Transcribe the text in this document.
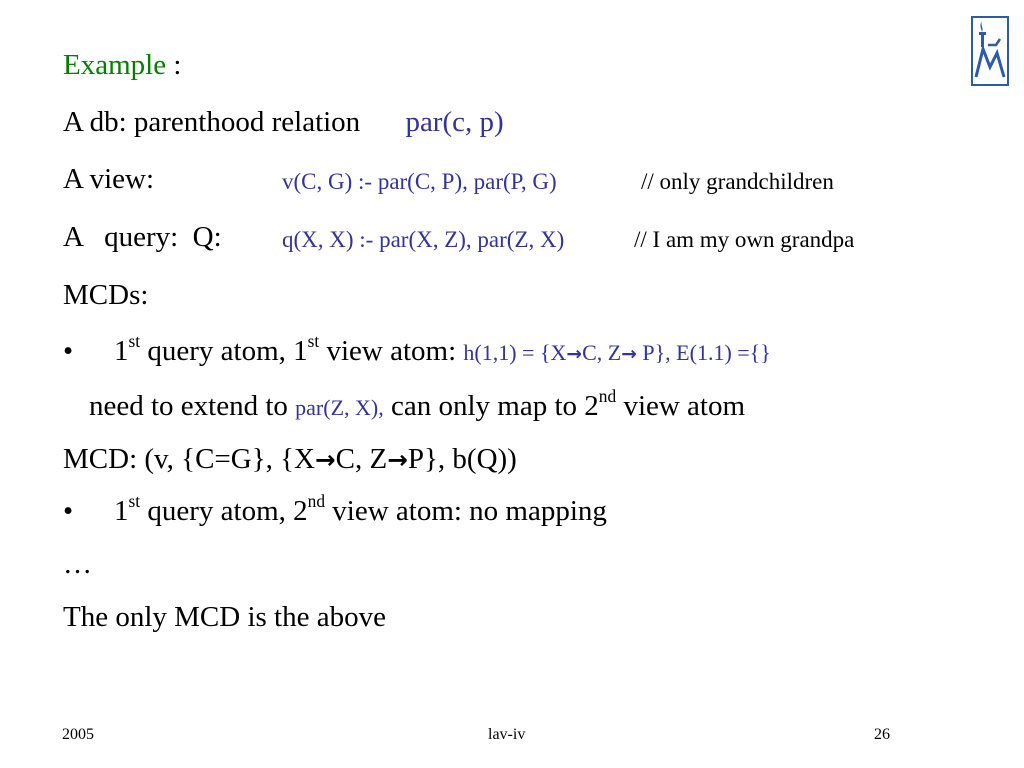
Example :
A db: parenthood relation par(c, p)
A view:	v(C, G) :- par(C, P), par(P, G)	// only grandchildren
A   query:  Q:	q(X, X) :- par(X, Z), par(Z, X)	// I am my own grandpa
MCDs:
• 1st query atom, 1st view atom: h(1,1) = {X→C, Z→ P}, E(1.1) ={}
need to extend to par(Z, X), can only map to 2nd view atom
MCD: (v, {C=G}, {X→C, Z→P}, b(Q))
• 1st query atom, 2nd view atom: no mapping
…
The only MCD is the above
2005	lav-iv	26
